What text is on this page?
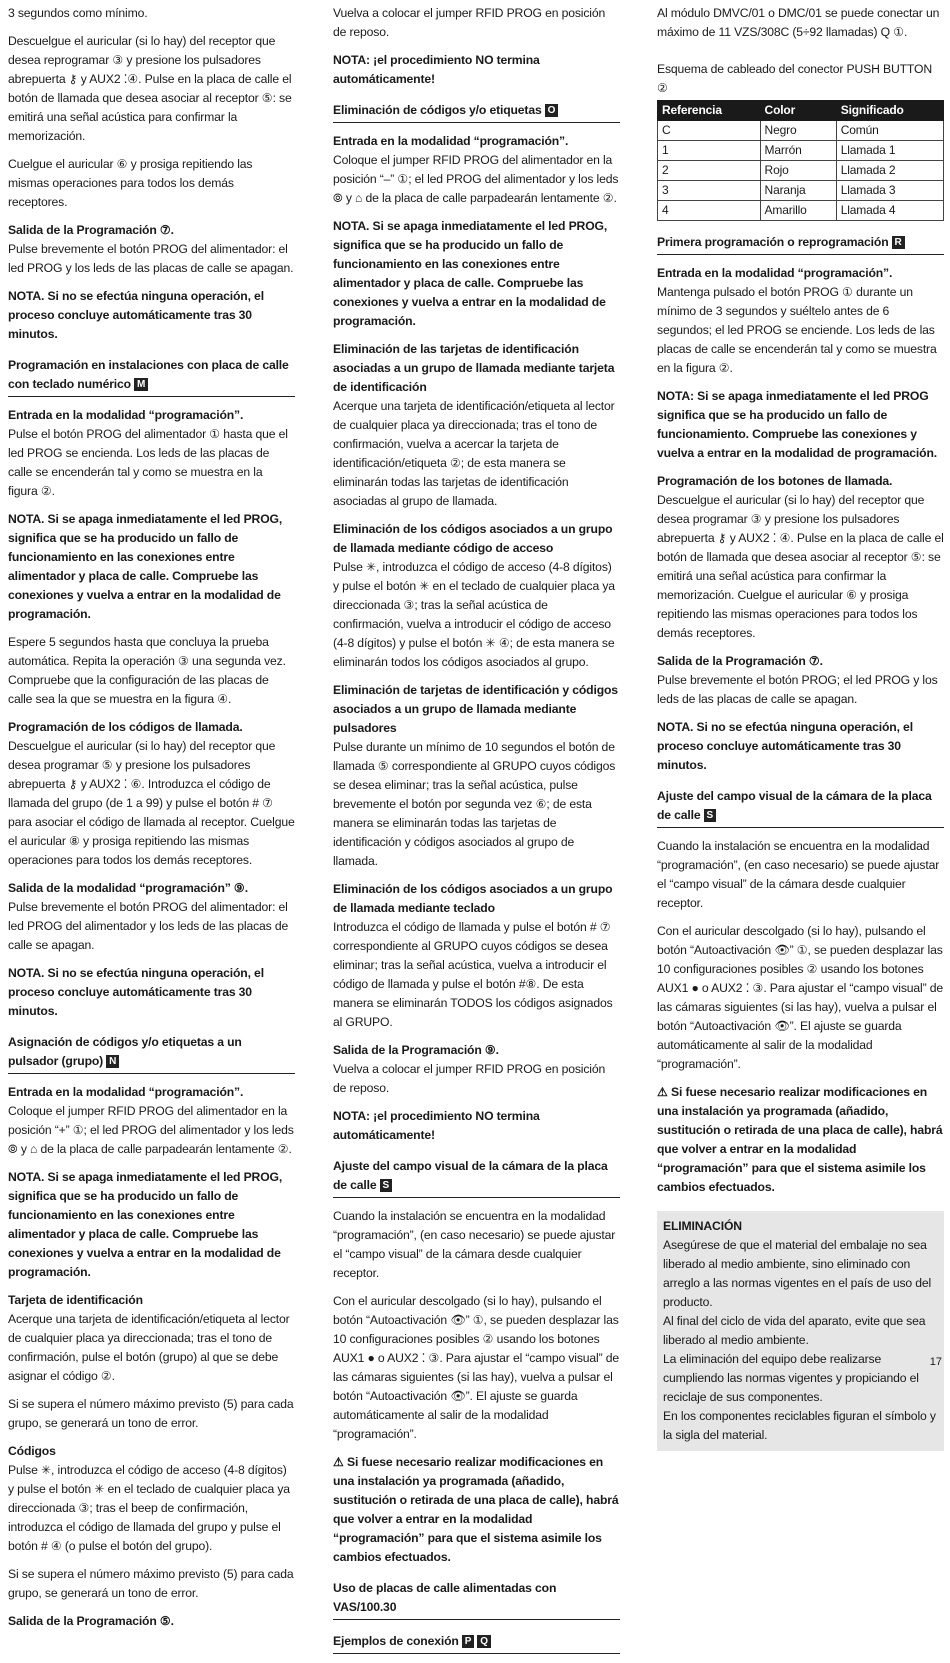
3 segundos como mínimo.
Descuelgue el auricular (si lo hay) del receptor que desea reprogramar ③ y presione los pulsadores abrepuerta ⚷ y AUX2 ⁚④. Pulse en la placa de calle el botón de llamada que desea asociar al receptor ⑤: se emitirá una señal acústica para confirmar la memorización.
Cuelgue el auricular ⑥ y prosiga repitiendo las mismas operaciones para todos los demás receptores.
Salida de la Programación ⑦.
Pulse brevemente el botón PROG del alimentador: el led PROG y los leds de las placas de calle se apagan.
NOTA. Si no se efectúa ninguna operación, el proceso concluye automáticamente tras 30 minutos.
Programación en instalaciones con placa de calle con teclado numérico M
Entrada en la modalidad “programación”.
Pulse el botón PROG del alimentador ① hasta que el led PROG se encienda. Los leds de las placas de calle se encenderán tal y como se muestra en la figura ②.
NOTA. Si se apaga inmediatamente el led PROG, significa que se ha producido un fallo de funcionamiento en las conexiones entre alimentador y placa de calle. Compruebe las conexiones y vuelva a entrar en la modalidad de programación.
Espere 5 segundos hasta que concluya la prueba automática. Repita la operación ③ una segunda vez. Compruebe que la configuración de las placas de calle sea la que se muestra en la figura ④.
Programación de los códigos de llamada.
Descuelgue el auricular (si lo hay) del receptor que desea programar ⑤ y presione los pulsadores abrepuerta ⚷ y AUX2 ⁚ ⑥. Introduzca el código de llamada del grupo (de 1 a 99) y pulse el botón # ⑦ para asociar el código de llamada al receptor. Cuelgue el auricular ⑧ y prosiga repitiendo las mismas operaciones para todos los demás receptores.
Salida de la modalidad “programación” ⑨.
Pulse brevemente el botón PROG del alimentador: el led PROG del alimentador y los leds de las placas de calle se apagan.
NOTA. Si no se efectúa ninguna operación, el proceso concluye automáticamente tras 30 minutos.
Asignación de códigos y/o etiquetas a un pulsador (grupo) N
Entrada en la modalidad “programación”.
Coloque el jumper RFID PROG del alimentador en la posición “+” ①; el led PROG del alimentador y los leds ⦾ y ⌂ de la placa de calle parpadearán lentamente ②.
NOTA. Si se apaga inmediatamente el led PROG, significa que se ha producido un fallo de funcionamiento en las conexiones entre alimentador y placa de calle. Compruebe las conexiones y vuelva a entrar en la modalidad de programación.
Tarjeta de identificación
Acerque una tarjeta de identificación/etiqueta al lector de cualquier placa ya direccionada; tras el tono de confirmación, pulse el botón (grupo) al que se debe asignar el código ②.
Si se supera el número máximo previsto (5) para cada grupo, se generará un tono de error.
Códigos
Pulse ✳, introduzca el código de acceso (4-8 dígitos) y pulse el botón ✳ en el teclado de cualquier placa ya direccionada ③; tras el beep de confirmación, introduzca el código de llamada del grupo y pulse el botón # ④ (o pulse el botón del grupo).
Si se supera el número máximo previsto (5) para cada grupo, se generará un tono de error.
Salida de la Programación ⑤.
Vuelva a colocar el jumper RFID PROG en posición de reposo.
NOTA: ¡el procedimiento NO termina automáticamente!
Eliminación de códigos y/o etiquetas O
Entrada en la modalidad “programación”.
Coloque el jumper RFID PROG del alimentador en la posición “–” ①; el led PROG del alimentador y los leds ⦾ y ⌂ de la placa de calle parpadearán lentamente ②.
NOTA. Si se apaga inmediatamente el led PROG, significa que se ha producido un fallo de funcionamiento en las conexiones entre alimentador y placa de calle. Compruebe las conexiones y vuelva a entrar en la modalidad de programación.
Eliminación de las tarjetas de identificación asociadas a un grupo de llamada mediante tarjeta de identificación
Acerque una tarjeta de identificación/etiqueta al lector de cualquier placa ya direccionada; tras el tono de confirmación, vuelva a acercar la tarjeta de identificación/etiqueta ②; de esta manera se eliminarán todas las tarjetas de identificación asociadas al grupo de llamada.
Eliminación de los códigos asociados a un grupo de llamada mediante código de acceso
Pulse ✳, introduzca el código de acceso (4-8 dígitos) y pulse el botón ✳ en el teclado de cualquier placa ya direccionada ③; tras la señal acústica de confirmación, vuelva a introducir el código de acceso (4-8 dígitos) y pulse el botón ✳ ④; de esta manera se eliminarán todos los códigos asociados al grupo.
Eliminación de tarjetas de identificación y códigos asociados a un grupo de llamada mediante pulsadores
Pulse durante un mínimo de 10 segundos el botón de llamada ⑤ correspondiente al GRUPO cuyos códigos se desea eliminar; tras la señal acústica, pulse brevemente el botón por segunda vez ⑥; de esta manera se eliminarán todas las tarjetas de identificación y códigos asociados al grupo de llamada.
Eliminación de los códigos asociados a un grupo de llamada mediante teclado
Introduzca el código de llamada y pulse el botón # ⑦ correspondiente al GRUPO cuyos códigos se desea eliminar; tras la señal acústica, vuelva a introducir el código de llamada y pulse el botón #⑧. De esta manera se eliminarán TODOS los códigos asignados al GRUPO.
Salida de la Programación ⑨.
Vuelva a colocar el jumper RFID PROG en posición de reposo.
NOTA: ¡el procedimiento NO termina automáticamente!
Ajuste del campo visual de la cámara de la placa de calle S
Cuando la instalación se encuentra en la modalidad “programación”, (en caso necesario) se puede ajustar el “campo visual” de la cámara desde cualquier receptor.
Con el auricular descolgado (si lo hay), pulsando el botón “Autoactivación 👁” ①, se pueden desplazar las 10 configuraciones posibles ② usando los botones AUX1 ● o AUX2 ⁚ ③. Para ajustar el “campo visual” de las cámaras siguientes (si las hay), vuelva a pulsar el botón “Autoactivación 👁”. El ajuste se guarda automáticamente al salir de la modalidad “programación”.
⚠ Si fuese necesario realizar modificaciones en una instalación ya programada (añadido, sustitución o retirada de una placa de calle), habrá que volver a entrar en la modalidad “programación” para que el sistema asimile los cambios efectuados.
Uso de placas de calle alimentadas con VAS/100.30
Ejemplos de conexión P Q

Al módulo DMVC/01 o DMC/01 se puede conectar un máximo de 11 VZS/308C (5÷92 llamadas) Q ①.

Esquema de cableado del conector PUSH BUTTON ②

Referencia	Color	Significado
C	Negro	Común
1	Marrón	Llamada 1
2	Rojo	Llamada 2
3	Naranja	Llamada 3
4	Amarillo	Llamada 4
Primera programación o reprogramación R
Entrada en la modalidad “programación”.
Mantenga pulsado el botón PROG ① durante un mínimo de 3 segundos y suéltelo antes de 6 segundos; el led PROG se enciende. Los leds de las placas de calle se encenderán tal y como se muestra en la figura ②.
NOTA: Si se apaga inmediatamente el led PROG significa que se ha producido un fallo de funcionamiento. Compruebe las conexiones y vuelva a entrar en la modalidad de programación.
Programación de los botones de llamada.
Descuelgue el auricular (si lo hay) del receptor que desea programar ③ y presione los pulsadores abrepuerta ⚷ y AUX2 ⁚ ④. Pulse en la placa de calle el botón de llamada que desea asociar al receptor ⑤: se emitirá una señal acústica para confirmar la memorización. Cuelgue el auricular ⑥ y prosiga repitiendo las mismas operaciones para todos los demás receptores.
Salida de la Programación ⑦.
Pulse brevemente el botón PROG; el led PROG y los leds de las placas de calle se apagan.
NOTA. Si no se efectúa ninguna operación, el proceso concluye automáticamente tras 30 minutos.
Ajuste del campo visual de la cámara de la placa de calle S
Cuando la instalación se encuentra en la modalidad “programación”, (en caso necesario) se puede ajustar el “campo visual” de la cámara desde cualquier receptor.
Con el auricular descolgado (si lo hay), pulsando el botón “Autoactivación 👁” ①, se pueden desplazar las 10 configuraciones posibles ② usando los botones AUX1 ● o AUX2 ⁚ ③. Para ajustar el “campo visual” de las cámaras siguientes (si las hay), vuelva a pulsar el botón “Autoactivación 👁”. El ajuste se guarda automáticamente al salir de la modalidad “programación”.
⚠ Si fuese necesario realizar modificaciones en una instalación ya programada (añadido, sustitución o retirada de una placa de calle), habrá que volver a entrar en la modalidad “programación” para que el sistema asimile los cambios efectuados.

ELIMINACIÓN

Asegúrese de que el material del embalaje no sea liberado al medio ambiente, sino eliminado con arreglo a las normas vigentes en el país de uso del producto.

Al final del ciclo de vida del aparato, evite que sea liberado al medio ambiente.

La eliminación del equipo debe realizarse cumpliendo las normas vigentes y propiciando el reciclaje de sus componentes.

En los componentes reciclables figuran el símbolo y la sigla del material.

17
